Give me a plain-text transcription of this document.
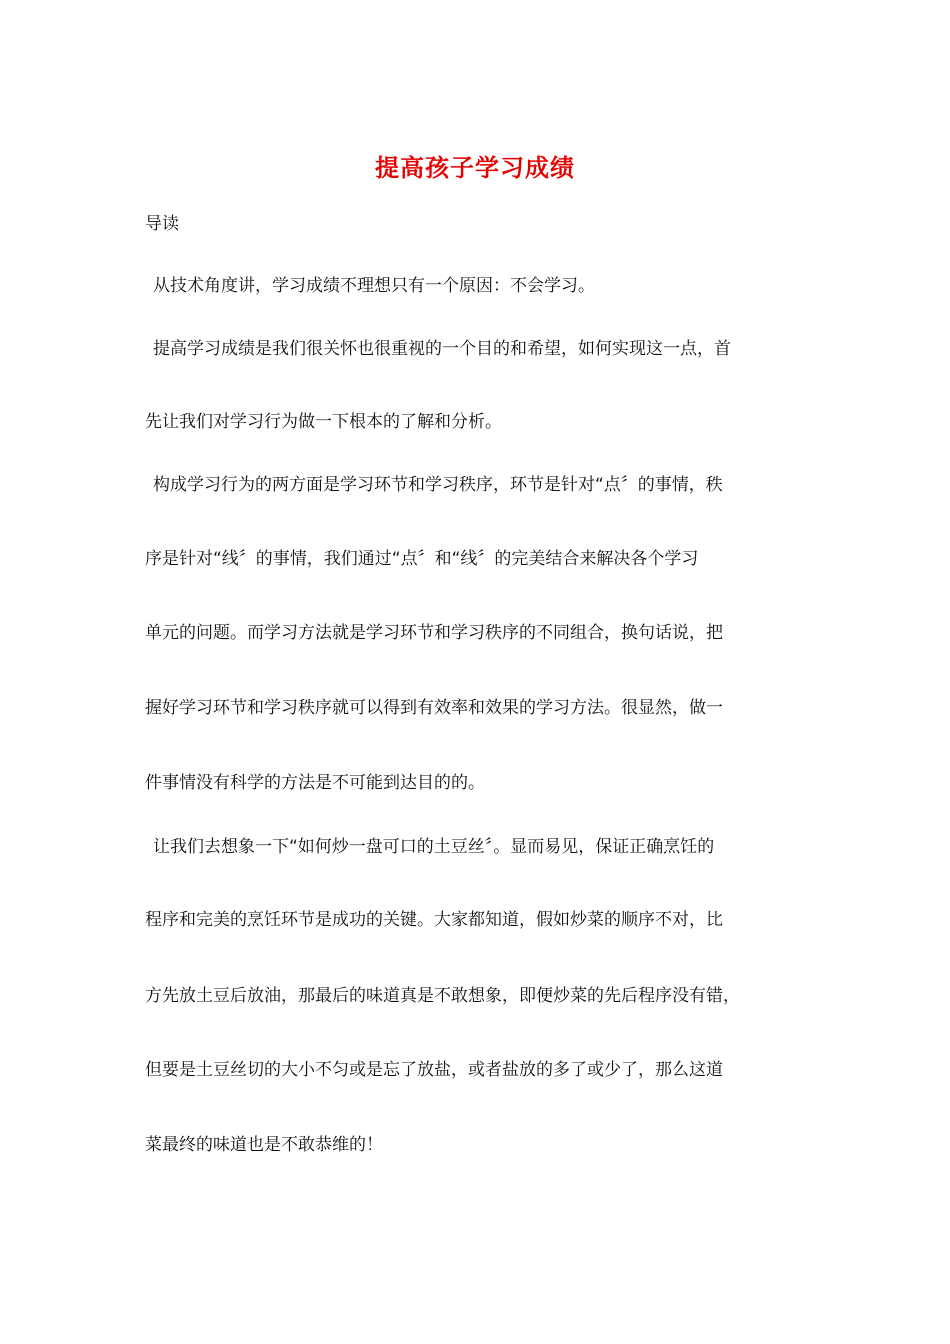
提高孩子学习成绩

导读

从技术角度讲，学习成绩不理想只有一个原因：不会学习。

提高学习成绩是我们很关怀也很重视的一个目的和希望，如何实现这一点，首

先让我们对学习行为做一下根本的了解和分析。

构成学习行为的两方面是学习环节和学习秩序，环节是针对“点〞的事情，秩

序是针对“线〞的事情，我们通过“点〞和“线〞的完美结合来解决各个学习

单元的问题。而学习方法就是学习环节和学习秩序的不同组合，换句话说，把

握好学习环节和学习秩序就可以得到有效率和效果的学习方法。很显然，做一

件事情没有科学的方法是不可能到达目的的。

让我们去想象一下“如何炒一盘可口的土豆丝〞。显而易见，保证正确烹饪的

程序和完美的烹饪环节是成功的关键。大家都知道，假如炒菜的顺序不对，比

方先放土豆后放油，那最后的味道真是不敢想象，即便炒菜的先后程序没有错，

但要是土豆丝切的大小不匀或是忘了放盐，或者盐放的多了或少了，那么这道

菜最终的味道也是不敢恭维的！
